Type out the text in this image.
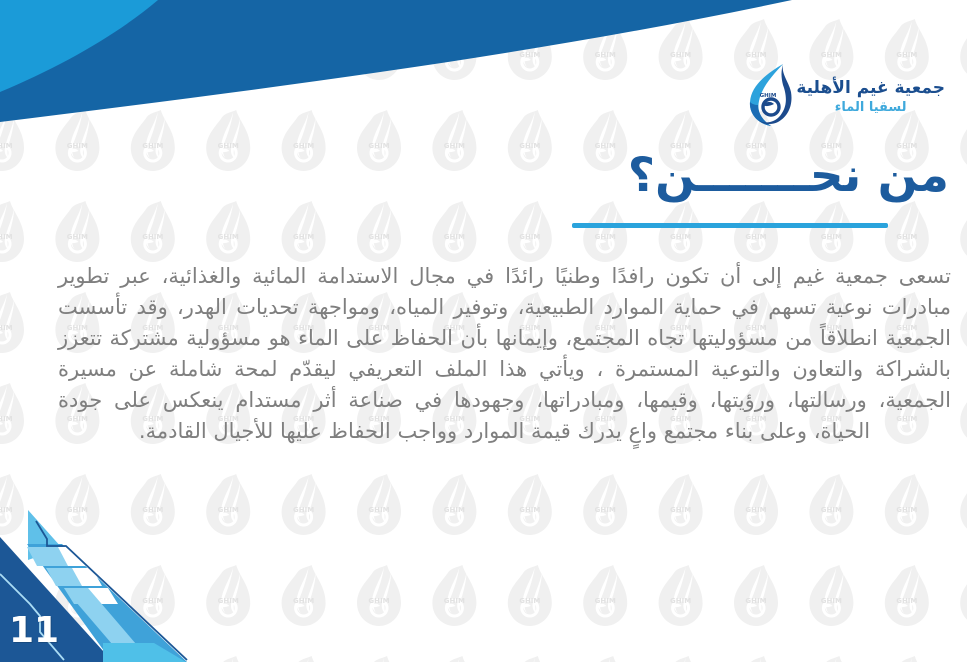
GHIM جمعية غيم الأهلية
لسقيا الماء
من نحـــــــن؟

تسعى جمعية غيم إلى أن تكون رافدًا وطنيًا رائدًا في مجال الاستدامة المائية والغذائية، عبر تطوير مبادرات نوعية تسهم في حماية الموارد الطبيعية، وتوفير المياه، ومواجهة تحديات الهدر، وقد تأسست الجمعية انطلاقاً من مسؤوليتها تجاه المجتمع، وإيمانها بأن الحفاظ على الماء هو مسؤولية مشتركة تتعزز بالشراكة والتعاون والتوعية المستمرة ، ويأتي هذا الملف التعريفي ليقدّم لمحة شاملة عن مسيرة الجمعية، ورسالتها، ورؤيتها، وقيمها، ومبادراتها، وجهودها في صناعة أثر مستدام ينعكس على جودة الحياة، وعلى بناء مجتمع واعٍ يدرك قيمة الموارد وواجب الحفاظ عليها للأجيال القادمة.

11
